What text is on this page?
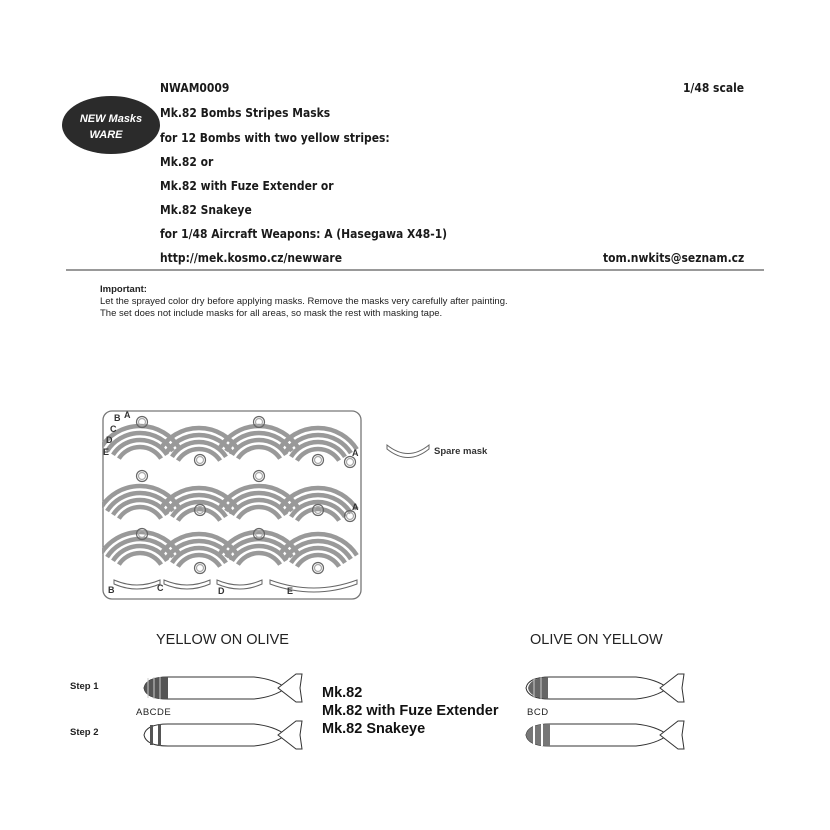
NEW Masks
WARE
NWAM0009	1/48 scale
Mk.82 Bombs Stripes Masks
for 12 Bombs with two yellow stripes:
Mk.82 or
Mk.82 with Fuze Extender or
Mk.82 Snakeye
for 1/48 Aircraft Weapons: A (Hasegawa X48-1)
http://mek.kosmo.cz/newware	tom.nwkits@seznam.cz
Important:
Let the sprayed color dry before applying masks. Remove the masks very carefully after painting.
The set does not include masks for all areas, so mask the rest with masking tape.
B A
C
D
E	A
A
B	C	D	E
Spare mask
YELLOW ON OLIVE	OLIVE ON YELLOW
Step 1
Step 2
ABCDE	BCD
Mk.82
Mk.82 with Fuze Extender
Mk.82 Snakeye
